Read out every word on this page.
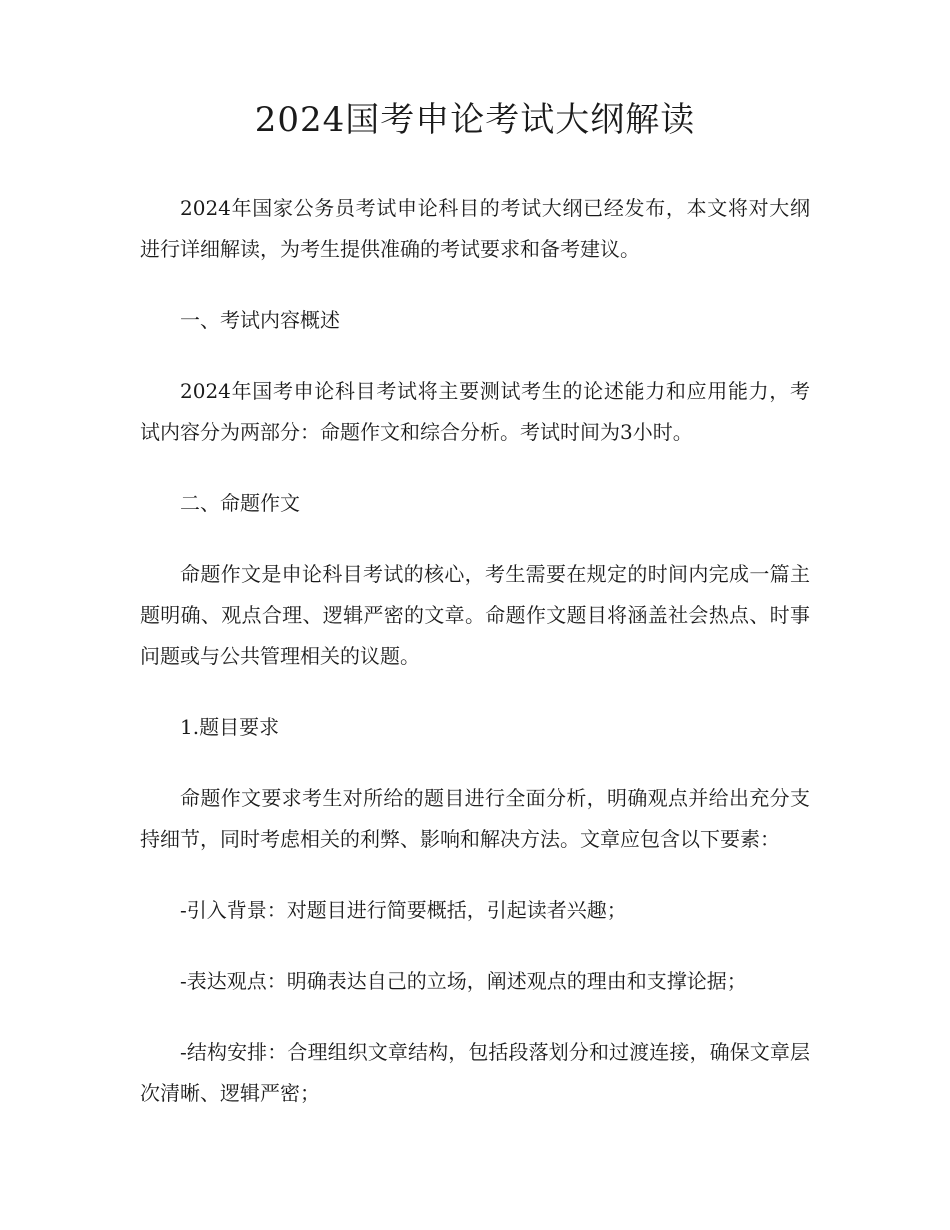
2024国考申论考试大纲解读

2024年国家公务员考试申论科目的考试大纲已经发布，本文将对大纲进行详细解读，为考生提供准确的考试要求和备考建议。

一、考试内容概述

2024年国考申论科目考试将主要测试考生的论述能力和应用能力，考试内容分为两部分：命题作文和综合分析。考试时间为3小时。

二、命题作文

命题作文是申论科目考试的核心，考生需要在规定的时间内完成一篇主题明确、观点合理、逻辑严密的文章。命题作文题目将涵盖社会热点、时事问题或与公共管理相关的议题。

1.题目要求

命题作文要求考生对所给的题目进行全面分析，明确观点并给出充分支持细节，同时考虑相关的利弊、影响和解决方法。文章应包含以下要素：

-引入背景：对题目进行简要概括，引起读者兴趣；

-表达观点：明确表达自己的立场，阐述观点的理由和支撑论据；

-结构安排：合理组织文章结构，包括段落划分和过渡连接，确保文章层次清晰、逻辑严密；
